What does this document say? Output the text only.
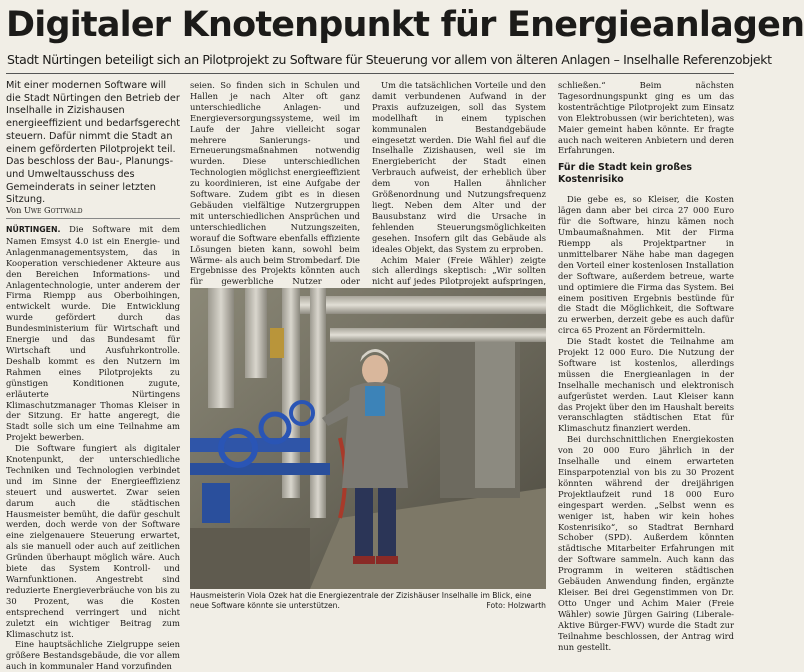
Digitaler Knotenpunkt für Energieanlagen
Stadt Nürtingen beteiligt sich an Pilotprojekt zu Software für Steuerung vor allem von älteren Anlagen – Inselhalle Referenzobjekt

Mit einer modernen Software will die Stadt Nürtingen den Betrieb der Inselhalle in Zizishausen energieeffizient und bedarfsgerecht steuern. Dafür nimmt die Stadt an einem geförderten Pilotprojekt teil. Das beschloss der Bau-, Planungs- und Umweltausschuss des Gemeinderats in seiner letzten Sitzung.

Von Uwe Gottwald

NÜRTINGEN. Die Software mit dem Namen Emsyst 4.0 ist ein Energie- und Anlagenmanagementsystem, das in Kooperation verschiedener Akteure aus den Bereichen Informations- und Anlagentechnologie, unter anderem der Firma Riempp aus Oberboihingen, entwickelt wurde. Die Entwicklung wurde gefördert durch das Bundesministerium für Wirtschaft und Energie und das Bundesamt für Wirtschaft und Ausfuhrkontrolle. Deshalb kommt es den Nutzern im Rahmen eines Pilotprojekts zu günstigen Konditionen zugute, erläuterte Nürtingens Klimaschutzmanager Thomas Kleiser in der Sitzung. Er hatte angeregt, die Stadt solle sich um eine Teilnahme am Projekt bewerben.

Die Software fungiert als digitaler Knotenpunkt, der unterschiedliche Techniken und Technologien verbindet und im Sinne der Energieeffizienz steuert und auswertet. Zwar seien darum auch die städtischen Hausmeister bemüht, die dafür geschult werden, doch werde von der Software eine zielgenauere Steuerung erwartet, als sie manuell oder auch auf zeitlichen Gründen überhaupt möglich wäre. Auch biete das System Kontroll- und Warnfunktionen. Angestrebt sind reduzierte Energieverbräuche von bis zu 30 Prozent, was die Kosten entsprechend verringert und nicht zuletzt ein wichtiger Beitrag zum Klimaschutz ist.

Eine hauptsächliche Zielgruppe seien größere Bestandsgebäude, die vor allem auch in kommunaler Hand vorzufinden

seien. So finden sich in Schulen und Hallen je nach Alter oft ganz unterschiedliche Anlagen- und Energieversorgungssysteme, weil im Laufe der Jahre vielleicht sogar mehrere Sanierungs- und Erneuerungsmaßnahmen notwendig wurden. Diese unterschiedlichen Technologien möglichst energieeffizient zu koordinieren, ist eine Aufgabe der Software. Zudem gibt es in diesen Gebäuden vielfältige Nutzergruppen mit unterschiedlichen Ansprüchen und unterschiedlichen Nutzungszeiten, worauf die Software ebenfalls effiziente Lösungen bieten kann, sowohl beim Wärme- als auch beim Strombedarf. Die Ergebnisse des Projekts könnten auch für gewerbliche Nutzer oder

Um die tatsächlichen Vorteile und den damit verbundenen Aufwand in der Praxis aufzuzeigen, soll das System modellhaft in einem typischen kommunalen Bestandgebäude eingesetzt werden. Die Wahl fiel auf die Inselhalle Zizishausen, weil sie im Energiebericht der Stadt einen Verbrauch aufweist, der erheblich über dem von Hallen ähnlicher Größenordnung und Nutzungsfrequenz liegt. Neben dem Alter und der Bausubstanz wird die Ursache in fehlenden Steuerungsmöglichkeiten gesehen. Insofern gilt das Gebäude als ideales Objekt, das System zu erproben.

Achim Maier (Freie Wähler) zeigte sich allerdings skeptisch: „Wir sollten nicht auf jedes Pilotprojekt aufspringen,

schließen.“ Beim nächsten Tagesordnungspunkt ging es um das kostenträchtige Pilotprojekt zum Einsatz von Elektrobussen (wir berichteten), was Maier gemeint haben könnte. Er fragte auch nach weiteren Anbietern und deren Erfahrungen.

Für die Stadt kein großes Kostenrisiko

Die gebe es, so Kleiser, die Kosten lägen dann aber bei circa 27 000 Euro für die Software, hinzu kämen noch Umbaumaßnahmen. Mit der Firma Riempp als Projektpartner in unmittelbarer Nähe habe man dagegen den Vorteil einer kostenlosen Installation der Software, außerdem betreue, warte und optimiere die Firma das System. Bei einem positiven Ergebnis bestünde für die Stadt die Möglichkeit, die Software zu erwerben, derzeit gebe es auch dafür circa 65 Prozent an Fördermitteln.

Die Stadt kostet die Teilnahme am Projekt 12 000 Euro. Die Nutzung der Software ist kostenlos, allerdings müssen die Energieanlagen in der Inselhalle mechanisch und elektronisch aufgerüstet werden. Laut Kleiser kann das Projekt über den im Haushalt bereits veranschlagten städtischen Etat für Klimaschutz finanziert werden.

Bei durchschnittlichen Energiekosten von 20 000 Euro jährlich in der Inselhalle und einem erwarteten Einsparpotenzial von bis zu 30 Prozent könnten während der dreijährigen Projektlaufzeit rund 18 000 Euro eingespart werden. „Selbst wenn es weniger ist, haben wir kein hohes Kostenrisiko“, so Stadtrat Bernhard Schober (SPD). Außerdem könnten städtische Mitarbeiter Erfahrungen mit der Software sammeln. Auch kann das Programm in weiteren städtischen Gebäuden Anwendung finden, ergänzte Kleiser. Bei drei Gegenstimmen von Dr. Otto Unger und Achim Maier (Freie Wähler) sowie Jürgen Gairing (Liberale-Aktive Bürger-FWV) wurde die Stadt zur Teilnahme beschlossen, der Antrag wird nun gestellt.

Hausmeisterin Viola Ozek hat die Energiezentrale der Zizishäuser Inselhalle im Blick, eine neue Software könnte sie unterstützen.	Foto: Holzwarth
